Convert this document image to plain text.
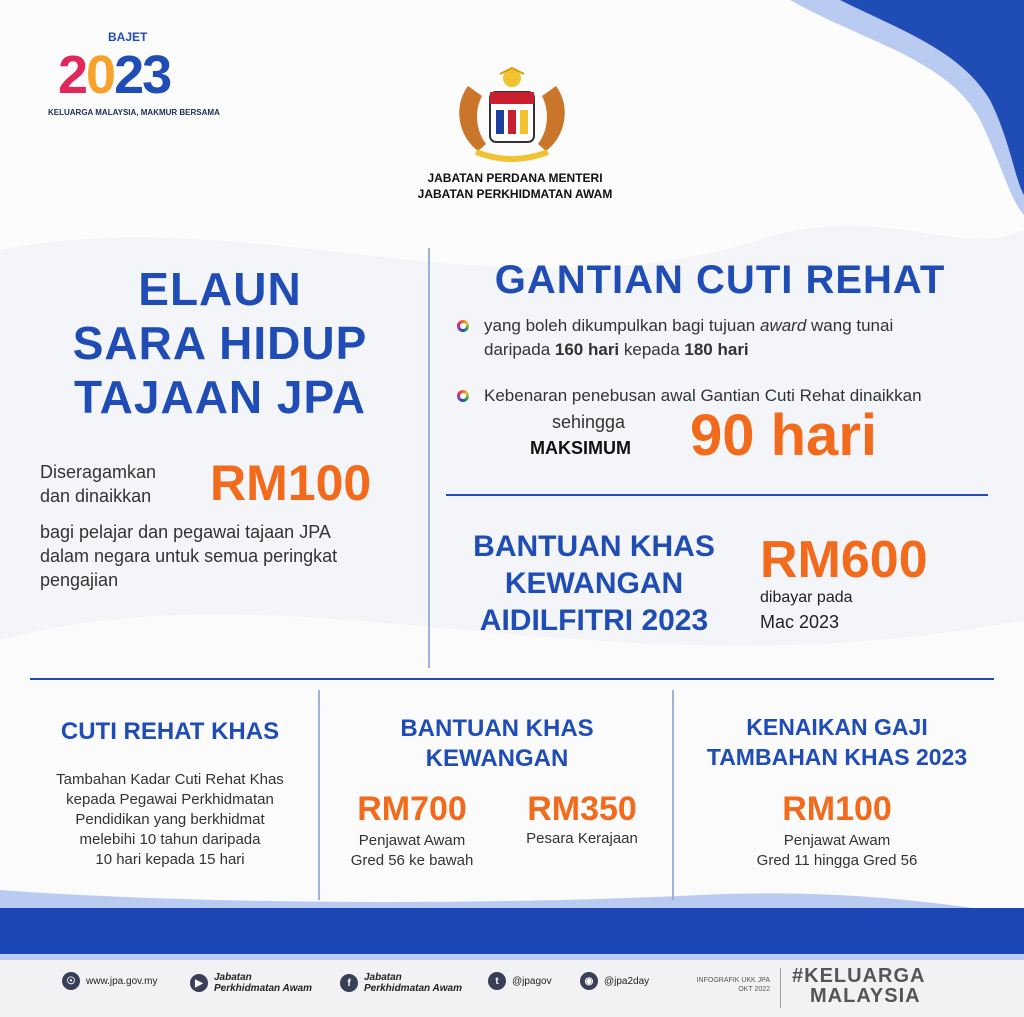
BAJET
2023
KELUARGA MALAYSIA, MAKMUR BERSAMA
JABATAN PERDANA MENTERI
JABATAN PERKHIDMATAN AWAM
ELAUN
SARA HIDUP
TAJAAN JPA
Diseragamkan
dan dinaikkan	RM100
bagi pelajar dan pegawai tajaan JPA
dalam negara untuk semua peringkat
pengajian
GANTIAN CUTI REHAT
yang boleh dikumpulkan bagi tujuan award wang tunai
daripada 160 hari kepada 180 hari
Kebenaran penebusan awal Gantian Cuti Rehat dinaikkan
sehingga
MAKSIMUM 90 hari
BANTUAN KHAS
KEWANGAN
AIDILFITRI 2023
RM600
dibayar pada
Mac 2023
CUTI REHAT KHAS
Tambahan Kadar Cuti Rehat Khas
kepada Pegawai Perkhidmatan
Pendidikan yang berkhidmat
melebihi 10 tahun daripada
10 hari kepada 15 hari
BANTUAN KHAS
KEWANGAN
RM700
Penjawat Awam
Gred 56 ke bawah
RM350
Pesara Kerajaan
KENAIKAN GAJI
TAMBAHAN KHAS 2023
RM100
Penjawat Awam
Gred 11 hingga Gred 56
☉	www.jpa.gov.my	▶	Jabatan
Perkhidmatan Awam	f	Jabatan
Perkhidmatan Awam
t	@jpagov	◉	@jpa2day	INFOGRAFIK UKK JPA
OKT 2022
#KELUARGA
MALAYSIA
